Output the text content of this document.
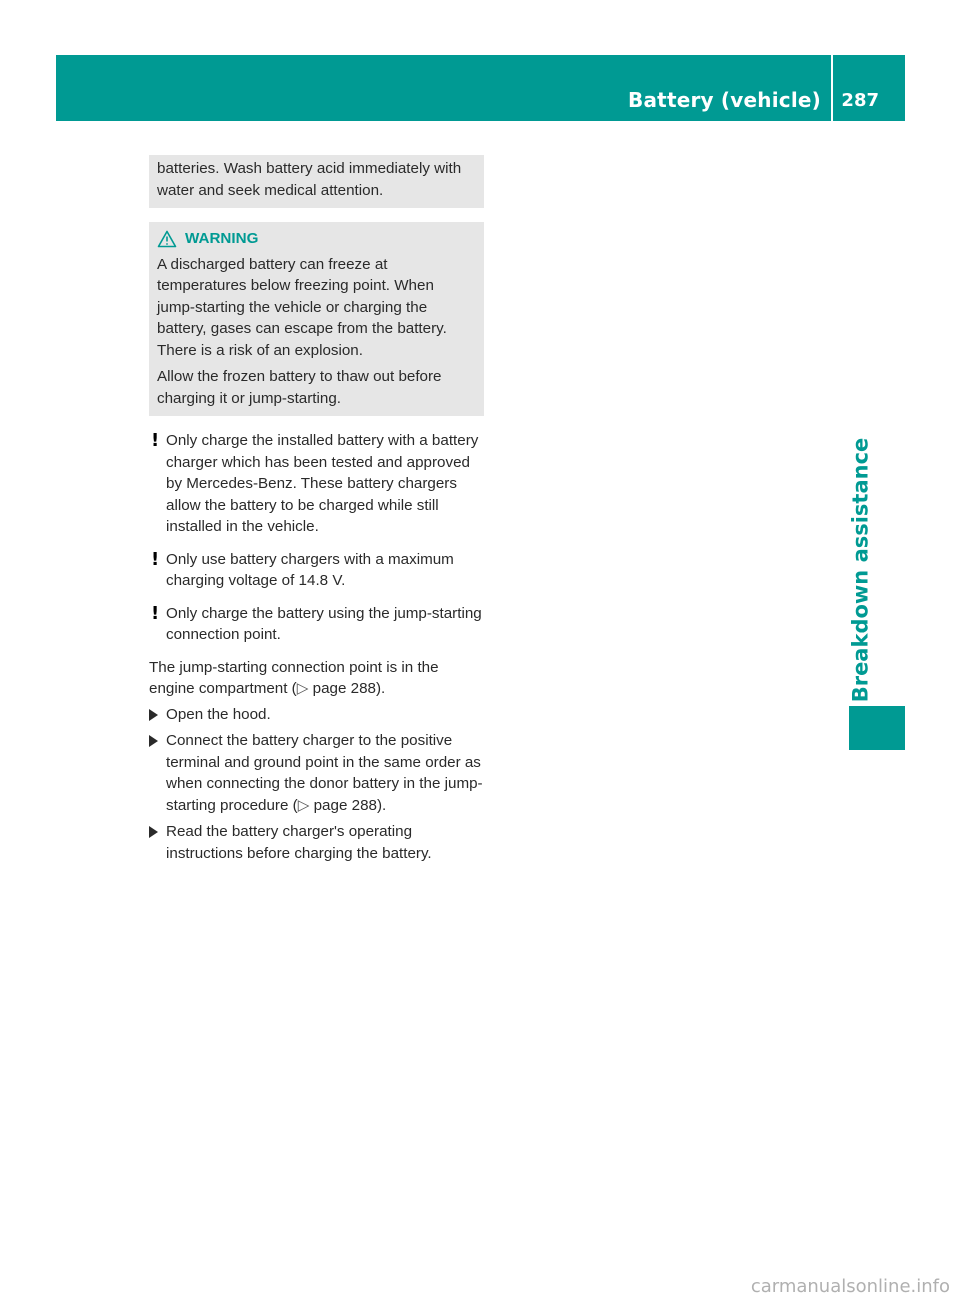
Battery (vehicle) 287
Breakdown assistance

batteries. Wash battery acid immediately with water and seek medical attention.

WARNING

A discharged battery can freeze at temperatures below freezing point. When jump-starting the vehicle or charging the battery, gases can escape from the battery. There is a risk of an explosion.

Allow the frozen battery to thaw out before charging it or jump-starting.

! Only charge the installed battery with a battery charger which has been tested and approved by Mercedes-Benz. These battery chargers allow the battery to be charged while still installed in the vehicle.
! Only use battery chargers with a maximum charging voltage of 14.8 V.
! Only charge the battery using the jump-starting connection point.

The jump-starting connection point is in the engine compartment (▷ page 288).

Open the hood.
Connect the battery charger to the positive terminal and ground point in the same order as when connecting the donor battery in the jump-starting procedure (▷ page 288).
Read the battery charger's operating instructions before charging the battery.
carmanualsonline.info
